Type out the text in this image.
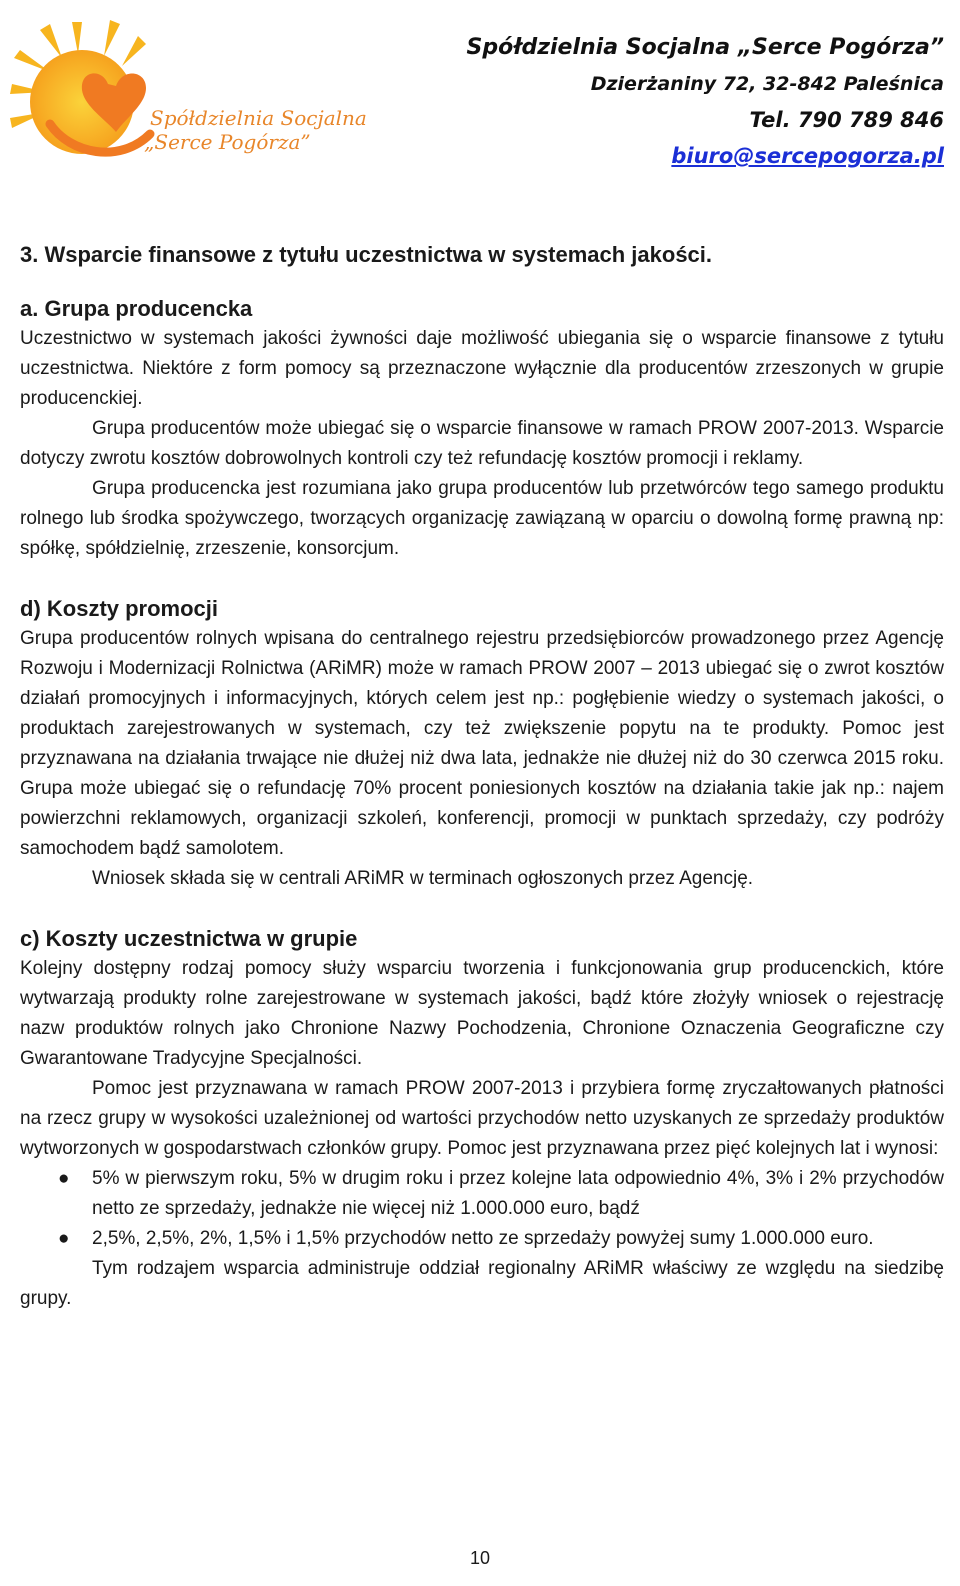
Spółdzielnia Socjalna
„Serce Pogórza”
Spółdzielnia Socjalna „Serce Pogórza”
Dzierżaniny 72, 32-842 Paleśnica
Tel. 790 789 846
biuro@sercepogorza.pl
3. Wsparcie finansowe z tytułu uczestnictwa w systemach jakości.
a. Grupa producencka

Uczestnictwo w systemach jakości żywności daje możliwość ubiegania się o wsparcie finansowe z tytułu uczestnictwa. Niektóre z form pomocy są przeznaczone wyłącznie dla producentów zrzeszonych w grupie producenckiej.

Grupa producentów może ubiegać się o wsparcie finansowe w ramach PROW 2007-2013. Wsparcie dotyczy zwrotu kosztów dobrowolnych kontroli czy też refundację kosztów promocji i reklamy.

Grupa producencka jest rozumiana jako grupa producentów lub przetwórców tego samego produktu rolnego lub środka spożywczego, tworzących organizację zawiązaną w oparciu o dowolną formę prawną np: spółkę, spółdzielnię, zrzeszenie, konsorcjum.

d) Koszty promocji

Grupa producentów rolnych wpisana do centralnego rejestru przedsiębiorców prowadzonego przez Agencję Rozwoju i Modernizacji Rolnictwa (ARiMR) może w ramach PROW 2007 – 2013 ubiegać się o zwrot kosztów działań promocyjnych i informacyjnych, których celem jest np.: pogłębienie wiedzy o systemach jakości, o produktach zarejestrowanych w systemach, czy też zwiększenie popytu na te produkty. Pomoc jest przyznawana na działania trwające nie dłużej niż dwa lata, jednakże nie dłużej niż do 30 czerwca 2015 roku. Grupa może ubiegać się o refundację 70% procent poniesionych kosztów na działania takie jak np.: najem powierzchni reklamowych, organizacji szkoleń, konferencji, promocji w punktach sprzedaży, czy podróży samochodem bądź samolotem.

Wniosek składa się w centrali ARiMR w terminach ogłoszonych przez Agencję.

c) Koszty uczestnictwa w grupie

Kolejny dostępny rodzaj pomocy służy wsparciu tworzenia i funkcjonowania grup producenckich, które wytwarzają produkty rolne zarejestrowane w systemach jakości, bądź które złożyły wniosek o rejestrację nazw produktów rolnych jako Chronione Nazwy Pochodzenia, Chronione Oznaczenia Geograficzne czy Gwarantowane Tradycyjne Specjalności.

Pomoc jest przyznawana w ramach PROW 2007-2013 i przybiera formę zryczałtowanych płatności na rzecz grupy w wysokości uzależnionej od wartości przychodów netto uzyskanych ze sprzedaży produktów wytworzonych w gospodarstwach członków grupy. Pomoc jest przyznawana przez pięć kolejnych lat i wynosi:

● 5% w pierwszym roku, 5% w drugim roku i przez kolejne lata odpowiednio 4%, 3% i 2% przychodów netto ze sprzedaży, jednakże nie więcej niż 1.000.000 euro, bądź
● 2,5%, 2,5%, 2%, 1,5% i 1,5% przychodów netto ze sprzedaży powyżej sumy 1.000.000 euro.

Tym rodzajem wsparcia administruje oddział regionalny ARiMR właściwy ze względu na siedzibę grupy.

10
